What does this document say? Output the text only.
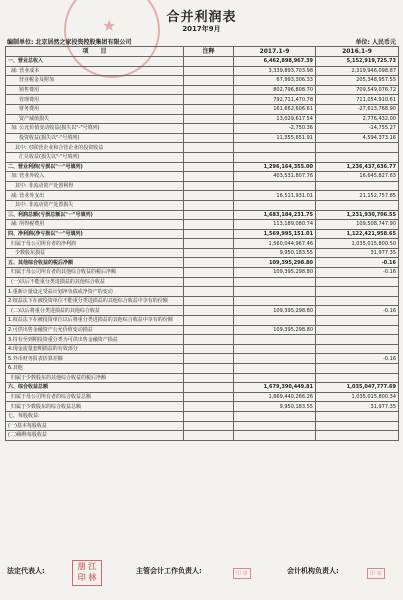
★	合并利润表
2017年9月
编制单位: 北京居然之家投资控股集团有限公司	单位: 人民币元
项　　目	注释	2017.1-9	2016.1-9
一、营业总收入		6,462,898,967.39	5,152,919,725.73
减: 营业成本		3,339,893,703.98	2,319,946,098.87
营业税金及附加		67,993,306.33	205,348,957.55
销售费用		802,796,808.70	709,549,076.72
管理费用		792,711,470.78	711,054,910.61
财务费用		161,662,606.61	-27,613,768.90
资产减值损失		13,029,617.54	2,776,432.00
加: 公允价值变动收益(损失以"-"号填列)		-2,750.36	-14,755.27
投资收益(损失以"-"号填列)		11,355,651.91	4,594,373.16
其中: 对联营企业和合营企业的投资收益			
汇兑收益(损失以"-"号填列)			
二、营业利润(亏损以"一"号填列)		1,296,164,355.00	1,236,437,636.77
加: 营业外收入		403,531,807.76	16,645,827.63
其中: 非流动资产处置利得			
减: 营业外支出		16,511,931.01	21,152,757.85
其中: 非流动资产处置损失			
三、利润总额(亏损总额以"一"号填列)		1,683,184,231.75	1,231,930,706.55
减: 所得税费用		113,189,080.74	109,508,747.90
四、净利润(净亏损以"一"号填列)		1,569,995,151.01	1,122,421,958.65
归属于母公司所有者的净利润		1,560,044,967.46	1,035,015,800.50
少数股东损益		9,950,183.55	31,977.35
五、其他综合收益的税后净额		109,395,298.80	-0.16
归属于母公司所有者的其他综合收益的税后净额		109,395,298.80	-0.16
(一)以后不能重分类进损益的其他综合收益			
1.重新计量设定受益计划净负债或净资产的变动			
2.权益法下在被投资单位不能重分类进损益的其他综合收益中享有的份额			
(二)以后将重分类进损益的其他综合收益		109,395,298.80	-0.16
1.权益法下在被投资单位以后将重分类进损益的其他综合收益中享有的份额			
2.可供出售金融资产公允价值变动损益		109,395,298.80	
3.持有至到期投资重分类为可供出售金融资产损益			
4.现金流量套期损益的有效部分			
5.外币财务报表折算差额			-0.16
6.其他			
归属于少数股东的其他综合收益的税后净额			
六、综合收益总额		1,679,390,449.81	1,035,047,777.69
归属于母公司所有者的综合收益总额		1,669,440,266.26	1,035,015,800.34
归属于少数股东的综合收益总额		9,950,183.55	31,977.35
七、每股收益:			
(一)基本每股收益			
(二)稀释每股收益			
法定代表人:	朋 江
印 林
主管会计工作负责人:	印 章	会计机构负责人:	印 章
